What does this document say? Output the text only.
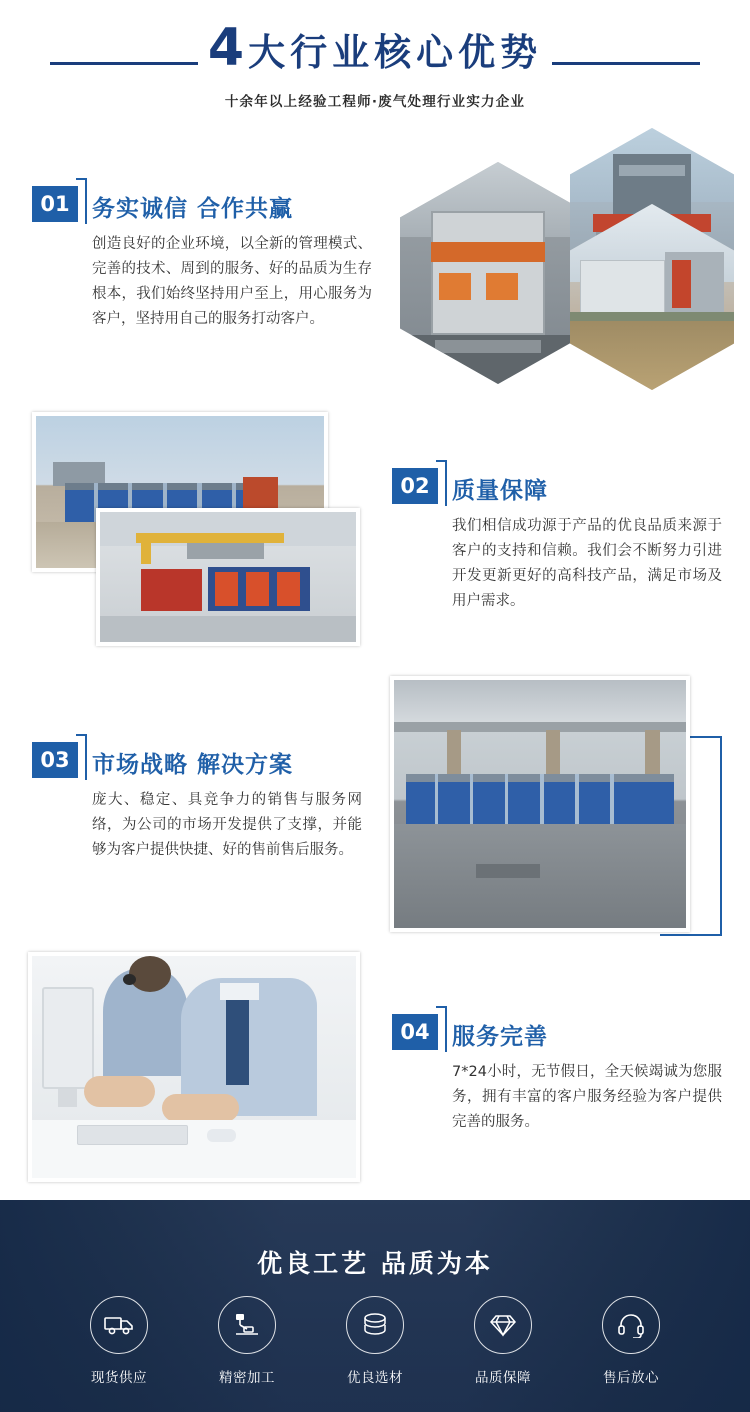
4 大行业核心优势
十余年以上经验工程师·废气处理行业实力企业
01 务实诚信 合作共赢
创造良好的企业环境，以全新的管理模式、完善的技术、周到的服务、好的品质为生存根本，我们始终坚持用户至上，用心服务为客户，坚持用自己的服务打动客户。
02 质量保障
我们相信成功源于产品的优良品质来源于客户的支持和信赖。我们会不断努力引进开发更新更好的高科技产品，满足市场及用户需求。
03 市场战略 解决方案
庞大、稳定、具竞争力的销售与服务网络，为公司的市场开发提供了支撑，并能够为客户提供快捷、好的售前售后服务。
04 服务完善
7*24小时，无节假日，全天候竭诚为您服务，拥有丰富的客户服务经验为客户提供完善的服务。
优良工艺 品质为本
现货供应	精密加工	优良选材	品质保障	售后放心
